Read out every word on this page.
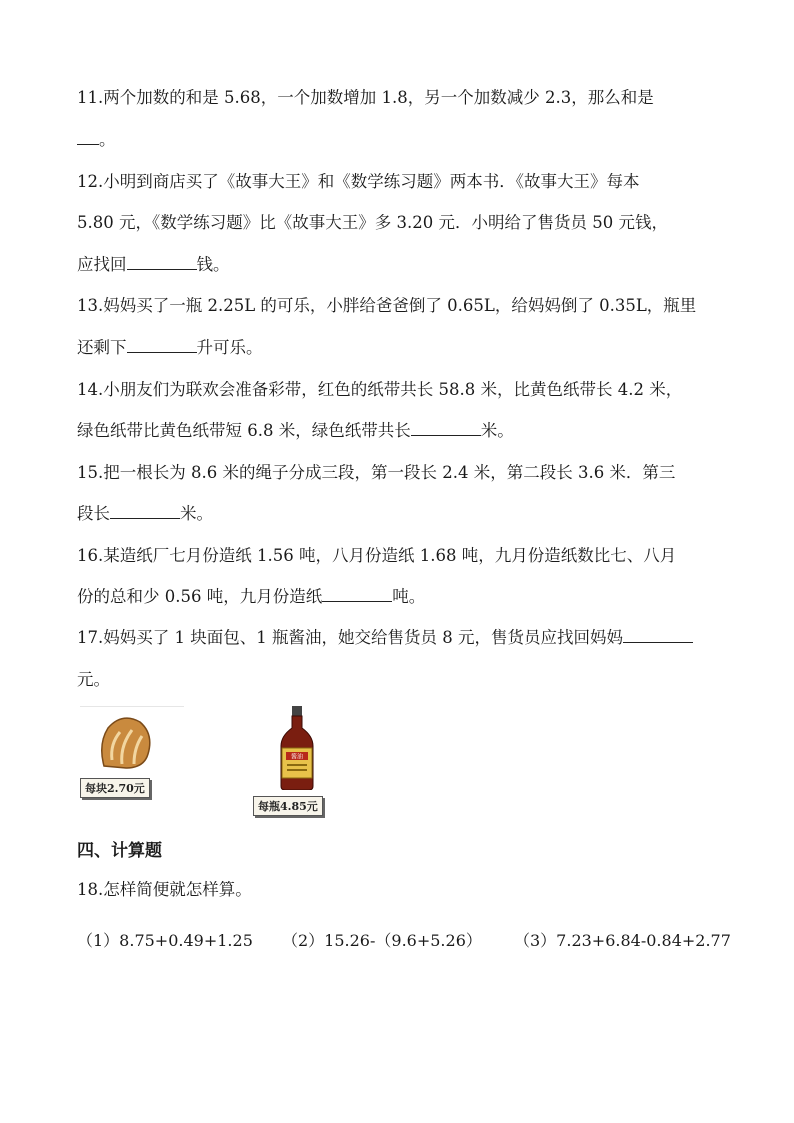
11.两个加数的和是 5.68，一个加数增加 1.8，另一个加数减少 2.3，那么和是
。
12.小明到商店买了《故事大王》和《数学练习题》两本书．《故事大王》每本
5.80 元，《数学练习题》比《故事大王》多 3.20 元．小明给了售货员 50 元钱，
应找回	钱。
13.妈妈买了一瓶 2.25L 的可乐，小胖给爸爸倒了 0.65L，给妈妈倒了 0.35L，瓶里
还剩下	升可乐。
14.小朋友们为联欢会准备彩带，红色的纸带共长 58.8 米，比黄色纸带长 4.2 米，
绿色纸带比黄色纸带短 6.8 米，绿色纸带共长	米。
15.把一根长为 8.6 米的绳子分成三段，第一段长 2.4 米，第二段长 3.6 米．第三
段长	米。
16.某造纸厂七月份造纸 1.56 吨，八月份造纸 1.68 吨，九月份造纸数比七、八月
份的总和少 0.56 吨，九月份造纸	吨。
17.妈妈买了 1 块面包、1 瓶酱油，她交给售货员 8 元，售货员应找回妈妈
元。
每块2.70元
酱油
每瓶4.85元
四、计算题
18.怎样简便就怎样算。
（1）8.75+0.49+1.25 （2）15.26-（9.6+5.26） （3）7.23+6.84-0.84+2.77
